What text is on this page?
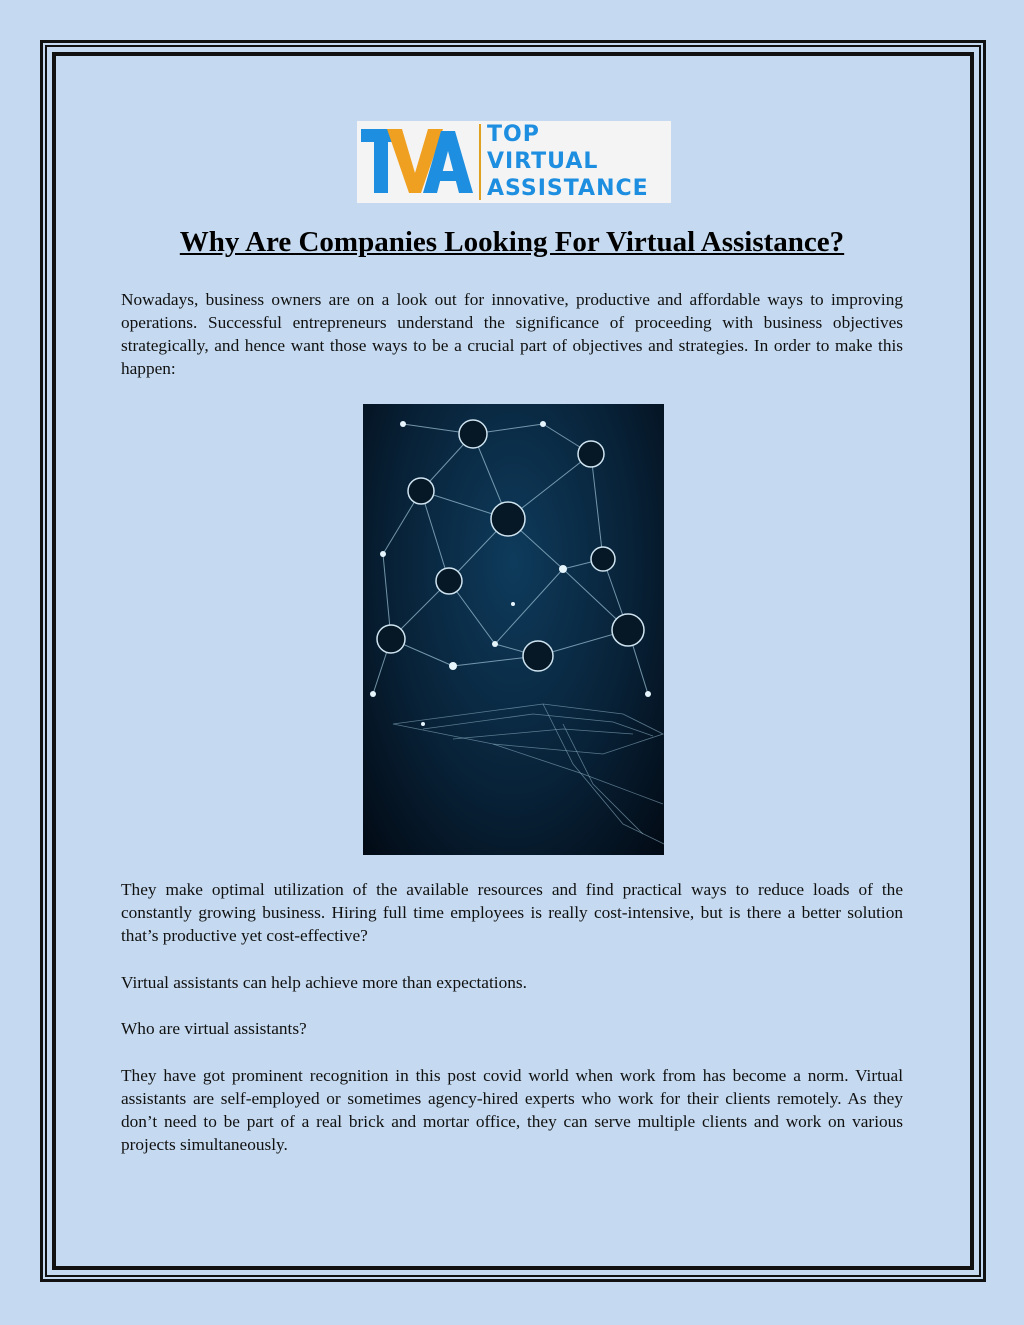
TOP
VIRTUAL
ASSISTANCE
Why Are Companies Looking For Virtual Assistance?

Nowadays, business owners are on a look out for innovative, productive and affordable ways to improving operations. Successful entrepreneurs understand the significance of proceeding with business objectives strategically, and hence want those ways to be a crucial part of objectives and strategies. In order to make this happen:

They make optimal utilization of the available resources and find practical ways to reduce loads of the constantly growing business. Hiring full time employees is really cost-intensive, but is there a better solution that’s productive yet cost-effective?

Virtual assistants can help achieve more than expectations.

Who are virtual assistants?

They have got prominent recognition in this post covid world when work from has become a norm. Virtual assistants are self-employed or sometimes agency-hired experts who work for their clients remotely. As they don’t need to be part of a real brick and mortar office, they can serve multiple clients and work on various projects simultaneously.
